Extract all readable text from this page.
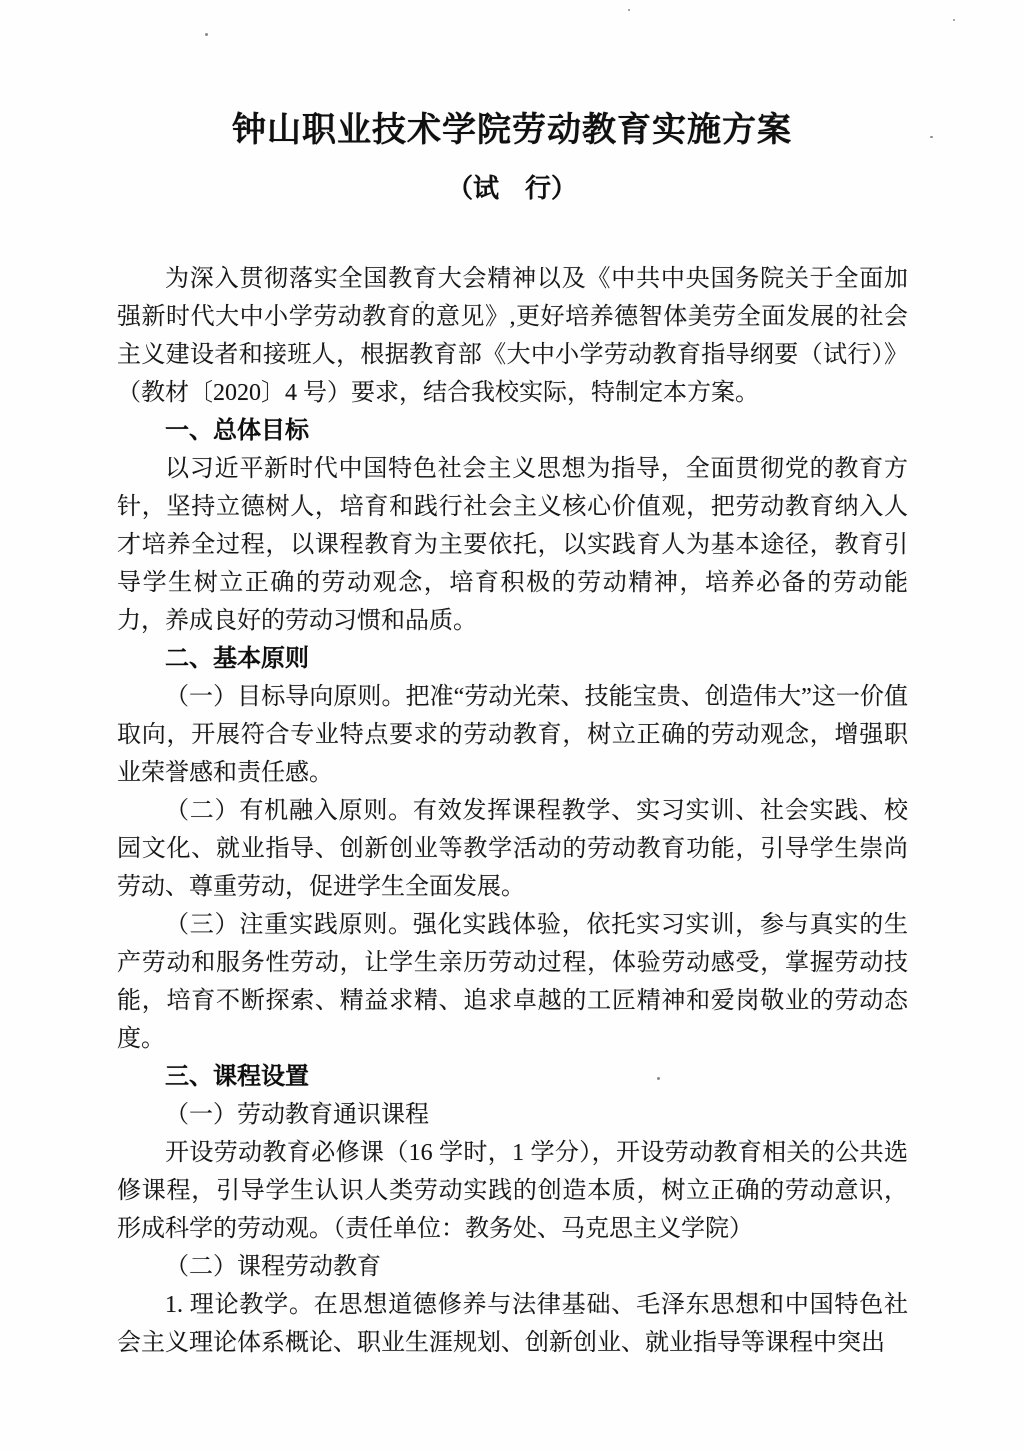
钟山职业技术学院劳动教育实施方案
（试　行）

为深入贯彻落实全国教育大会精神以及《中共中央国务院关于全面加强新时代大中小学劳动教育的意见》,更好培养德智体美劳全面发展的社会主义建设者和接班人，根据教育部《大中小学劳动教育指导纲要（试行）》（教材〔2020〕4 号）要求，结合我校实际，特制定本方案。

一、总体目标

以习近平新时代中国特色社会主义思想为指导，全面贯彻党的教育方针，坚持立德树人，培育和践行社会主义核心价值观，把劳动教育纳入人才培养全过程，以课程教育为主要依托，以实践育人为基本途径，教育引导学生树立正确的劳动观念，培育积极的劳动精神，培养必备的劳动能力，养成良好的劳动习惯和品质。

二、基本原则

（一）目标导向原则。把准“劳动光荣、技能宝贵、创造伟大”这一价值取向，开展符合专业特点要求的劳动教育，树立正确的劳动观念，增强职业荣誉感和责任感。

（二）有机融入原则。有效发挥课程教学、实习实训、社会实践、校园文化、就业指导、创新创业等教学活动的劳动教育功能，引导学生崇尚劳动、尊重劳动，促进学生全面发展。

（三）注重实践原则。强化实践体验，依托实习实训，参与真实的生产劳动和服务性劳动，让学生亲历劳动过程，体验劳动感受，掌握劳动技能，培育不断探索、精益求精、追求卓越的工匠精神和爱岗敬业的劳动态度。

三、课程设置

（一）劳动教育通识课程

开设劳动教育必修课（16 学时，1 学分），开设劳动教育相关的公共选修课程，引导学生认识人类劳动实践的创造本质，树立正确的劳动意识，形成科学的劳动观。（责任单位：教务处、马克思主义学院）

（二）课程劳动教育

1. 理论教学。在思想道德修养与法律基础、毛泽东思想和中国特色社会主义理论体系概论、职业生涯规划、创新创业、就业指导等课程中突出
